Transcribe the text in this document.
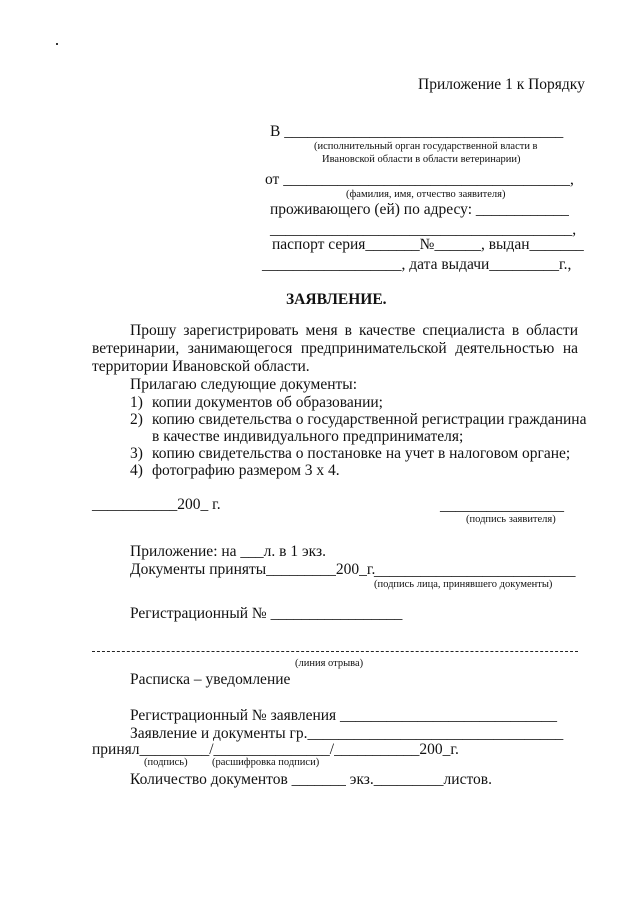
Приложение 1 к Порядку
В ____________________________________
(исполнительный орган государственной власти в
Ивановской области в области ветеринарии)
от _____________________________________,
(фамилия, имя, отчество заявителя)
проживающего (ей) по адресу: ____________
_______________________________________,
паспорт серия_______№______, выдан_______
__________________, дата выдачи_________г.,
ЗАЯВЛЕНИЕ.
Прошу зарегистрировать меня в качестве специалиста в области
ветеринарии, занимающегося предпринимательской деятельностью на
территории Ивановской области.
Прилагаю следующие документы:
1) копии документов об образовании;
2) копию свидетельства о государственной регистрации гражданина
в качестве индивидуального предпринимателя;
3) копию свидетельства о постановке на учет в налоговом органе;
4) фотографию размером 3 х 4.
___________200_ г.	________________
(подпись заявителя)
Приложение: на ___л. в 1 экз.
Документы приняты_________200_г.
__________________________
(подпись лица, принявшего документы)
Регистрационный № _________________
(линия отрыва)
Расписка – уведомление
Регистрационный № заявления ____________________________
Заявление и документы гр._________________________________
принял_________/_______________/___________200_г.
(подпись) (расшифровка подписи)
Количество документов _______ экз._________листов.
